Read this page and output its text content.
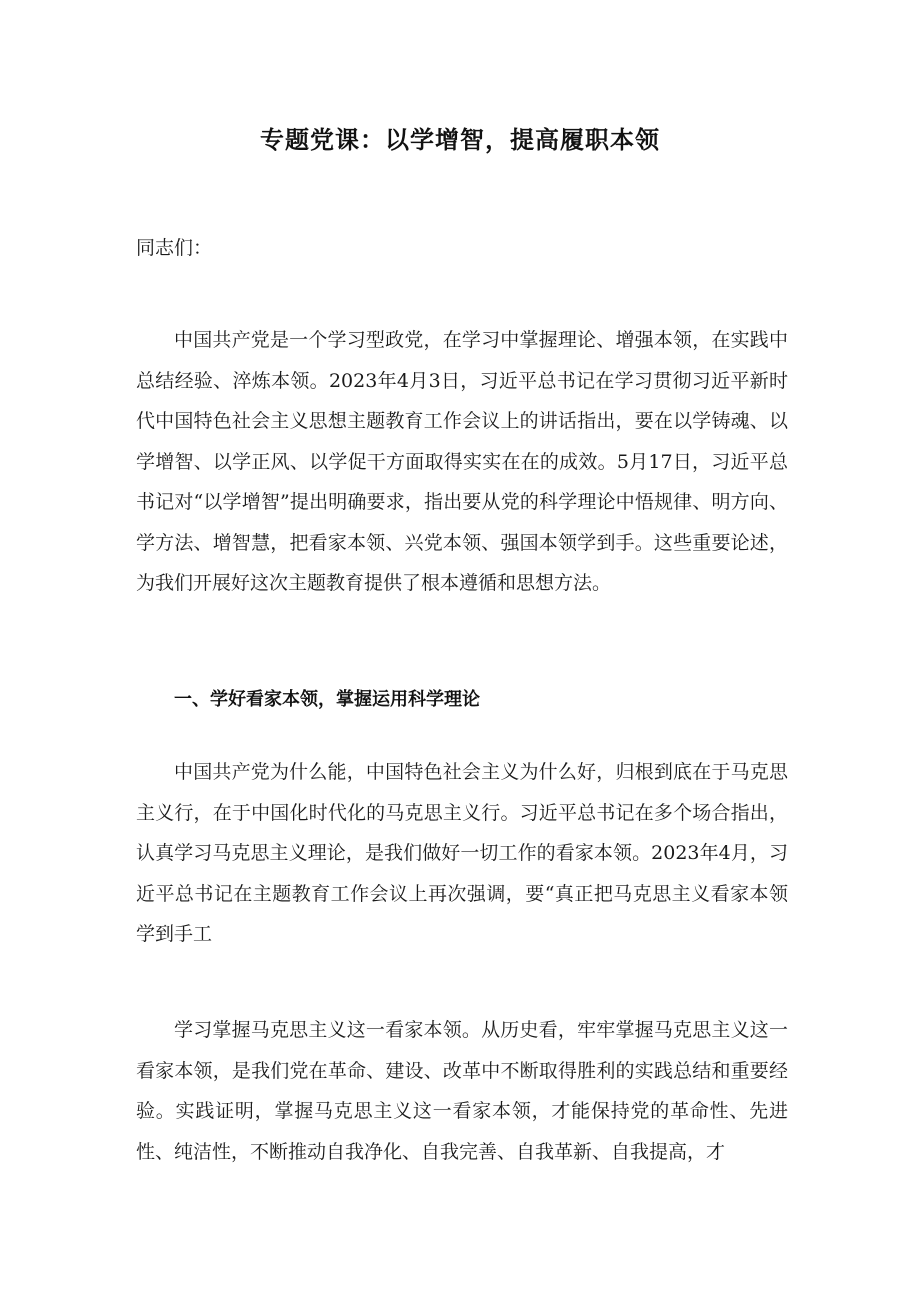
专题党课：以学增智，提高履职本领

同志们：

中国共产党是一个学习型政党，在学习中掌握理论、增强本领，在实践中总结经验、淬炼本领。2023年4月3日，习近平总书记在学习贯彻习近平新时代中国特色社会主义思想主题教育工作会议上的讲话指出，要在以学铸魂、以学增智、以学正风、以学促干方面取得实实在在的成效。5月17日，习近平总书记对“以学增智”提出明确要求，指出要从党的科学理论中悟规律、明方向、学方法、增智慧，把看家本领、兴党本领、强国本领学到手。这些重要论述，为我们开展好这次主题教育提供了根本遵循和思想方法。

一、学好看家本领，掌握运用科学理论

中国共产党为什么能，中国特色社会主义为什么好，归根到底在于马克思主义行，在于中国化时代化的马克思主义行。习近平总书记在多个场合指出，认真学习马克思主义理论，是我们做好一切工作的看家本领。2023年4月，习近平总书记在主题教育工作会议上再次强调，要“真正把马克思主义看家本领学到手工

学习掌握马克思主义这一看家本领。从历史看，牢牢掌握马克思主义这一看家本领，是我们党在革命、建设、改革中不断取得胜利的实践总结和重要经验。实践证明，掌握马克思主义这一看家本领，才能保持党的革命性、先进性、纯洁性，不断推动自我净化、自我完善、自我革新、自我提高，才
